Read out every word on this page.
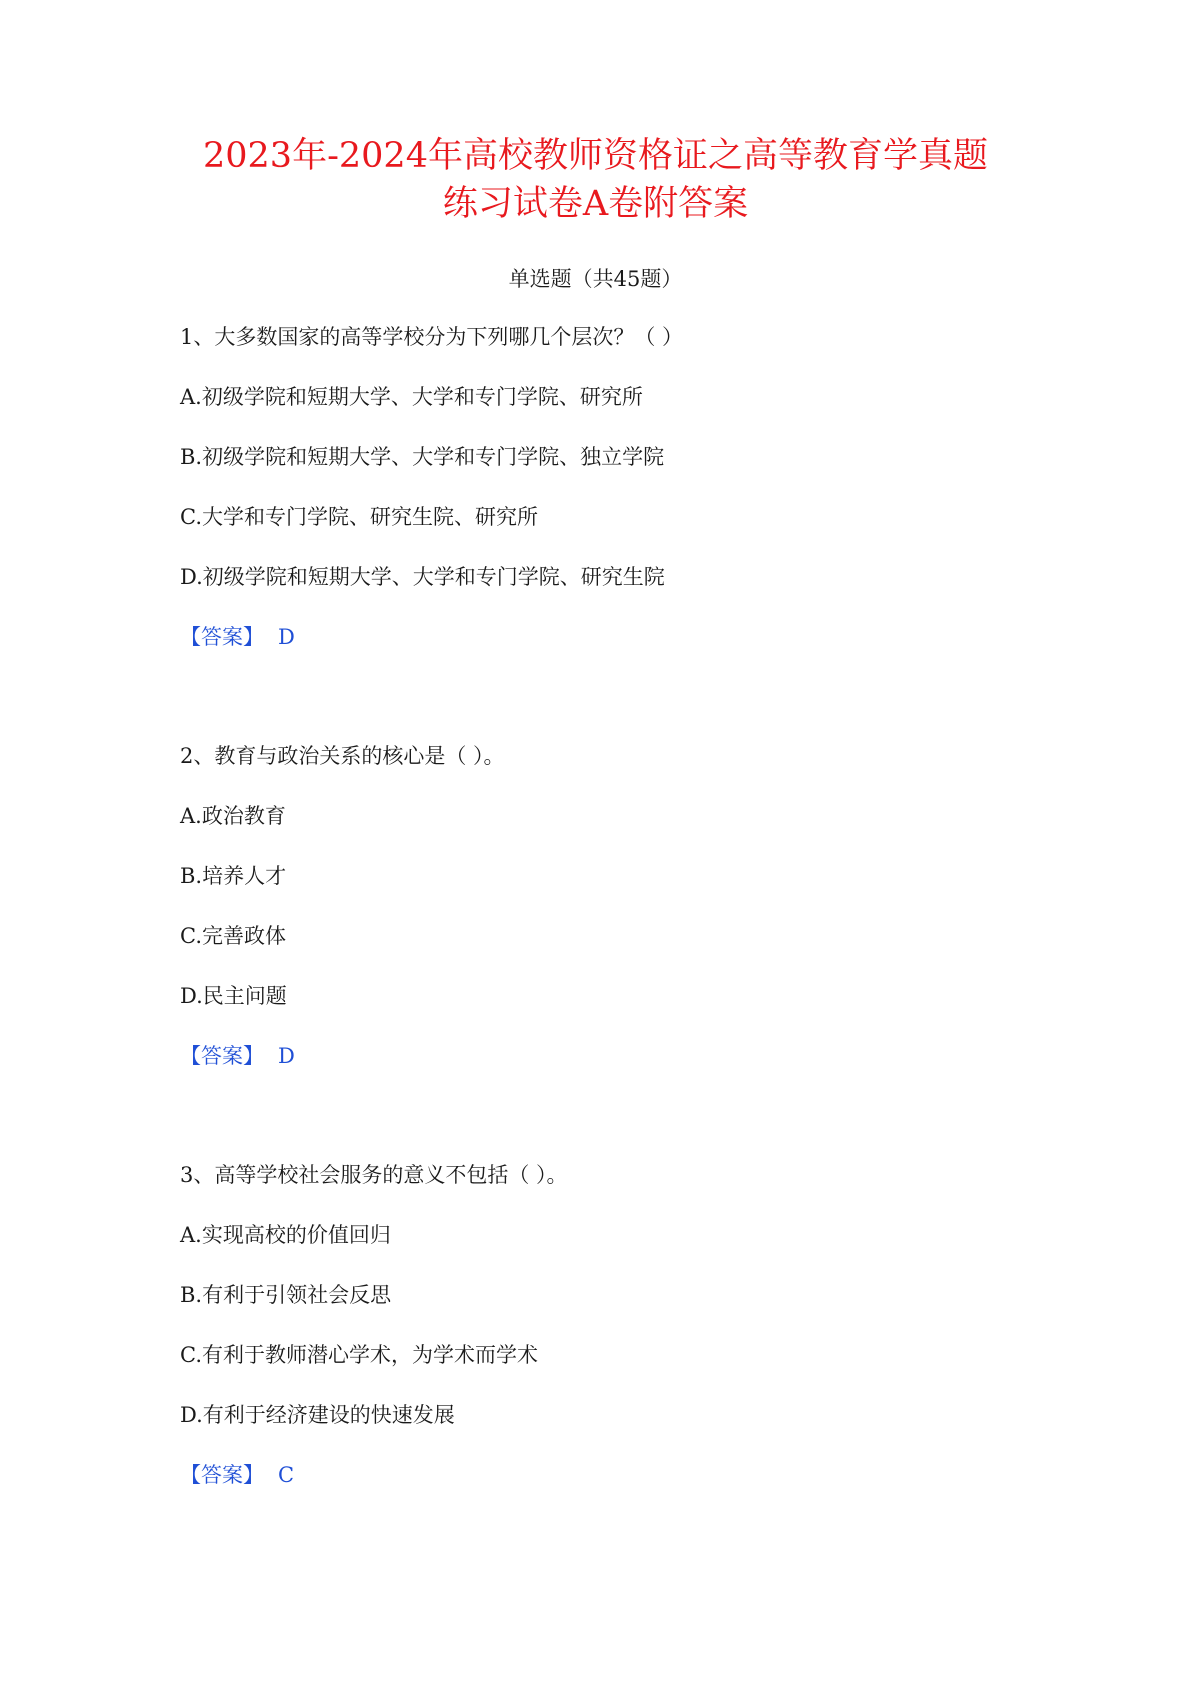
2023年-2024年高校教师资格证之高等教育学真题
练习试卷A卷附答案
单选题（共45题）
1、大多数国家的高等学校分为下列哪几个层次？（ ）
A.初级学院和短期大学、大学和专门学院、研究所
B.初级学院和短期大学、大学和专门学院、独立学院
C.大学和专门学院、研究生院、研究所
D.初级学院和短期大学、大学和专门学院、研究生院
【答案】 D
2、教育与政治关系的核心是（ ）。
A.政治教育
B.培养人才
C.完善政体
D.民主问题
【答案】 D
3、高等学校社会服务的意义不包括（ ）。
A.实现高校的价值回归
B.有利于引领社会反思
C.有利于教师潜心学术，为学术而学术
D.有利于经济建设的快速发展
【答案】 C
